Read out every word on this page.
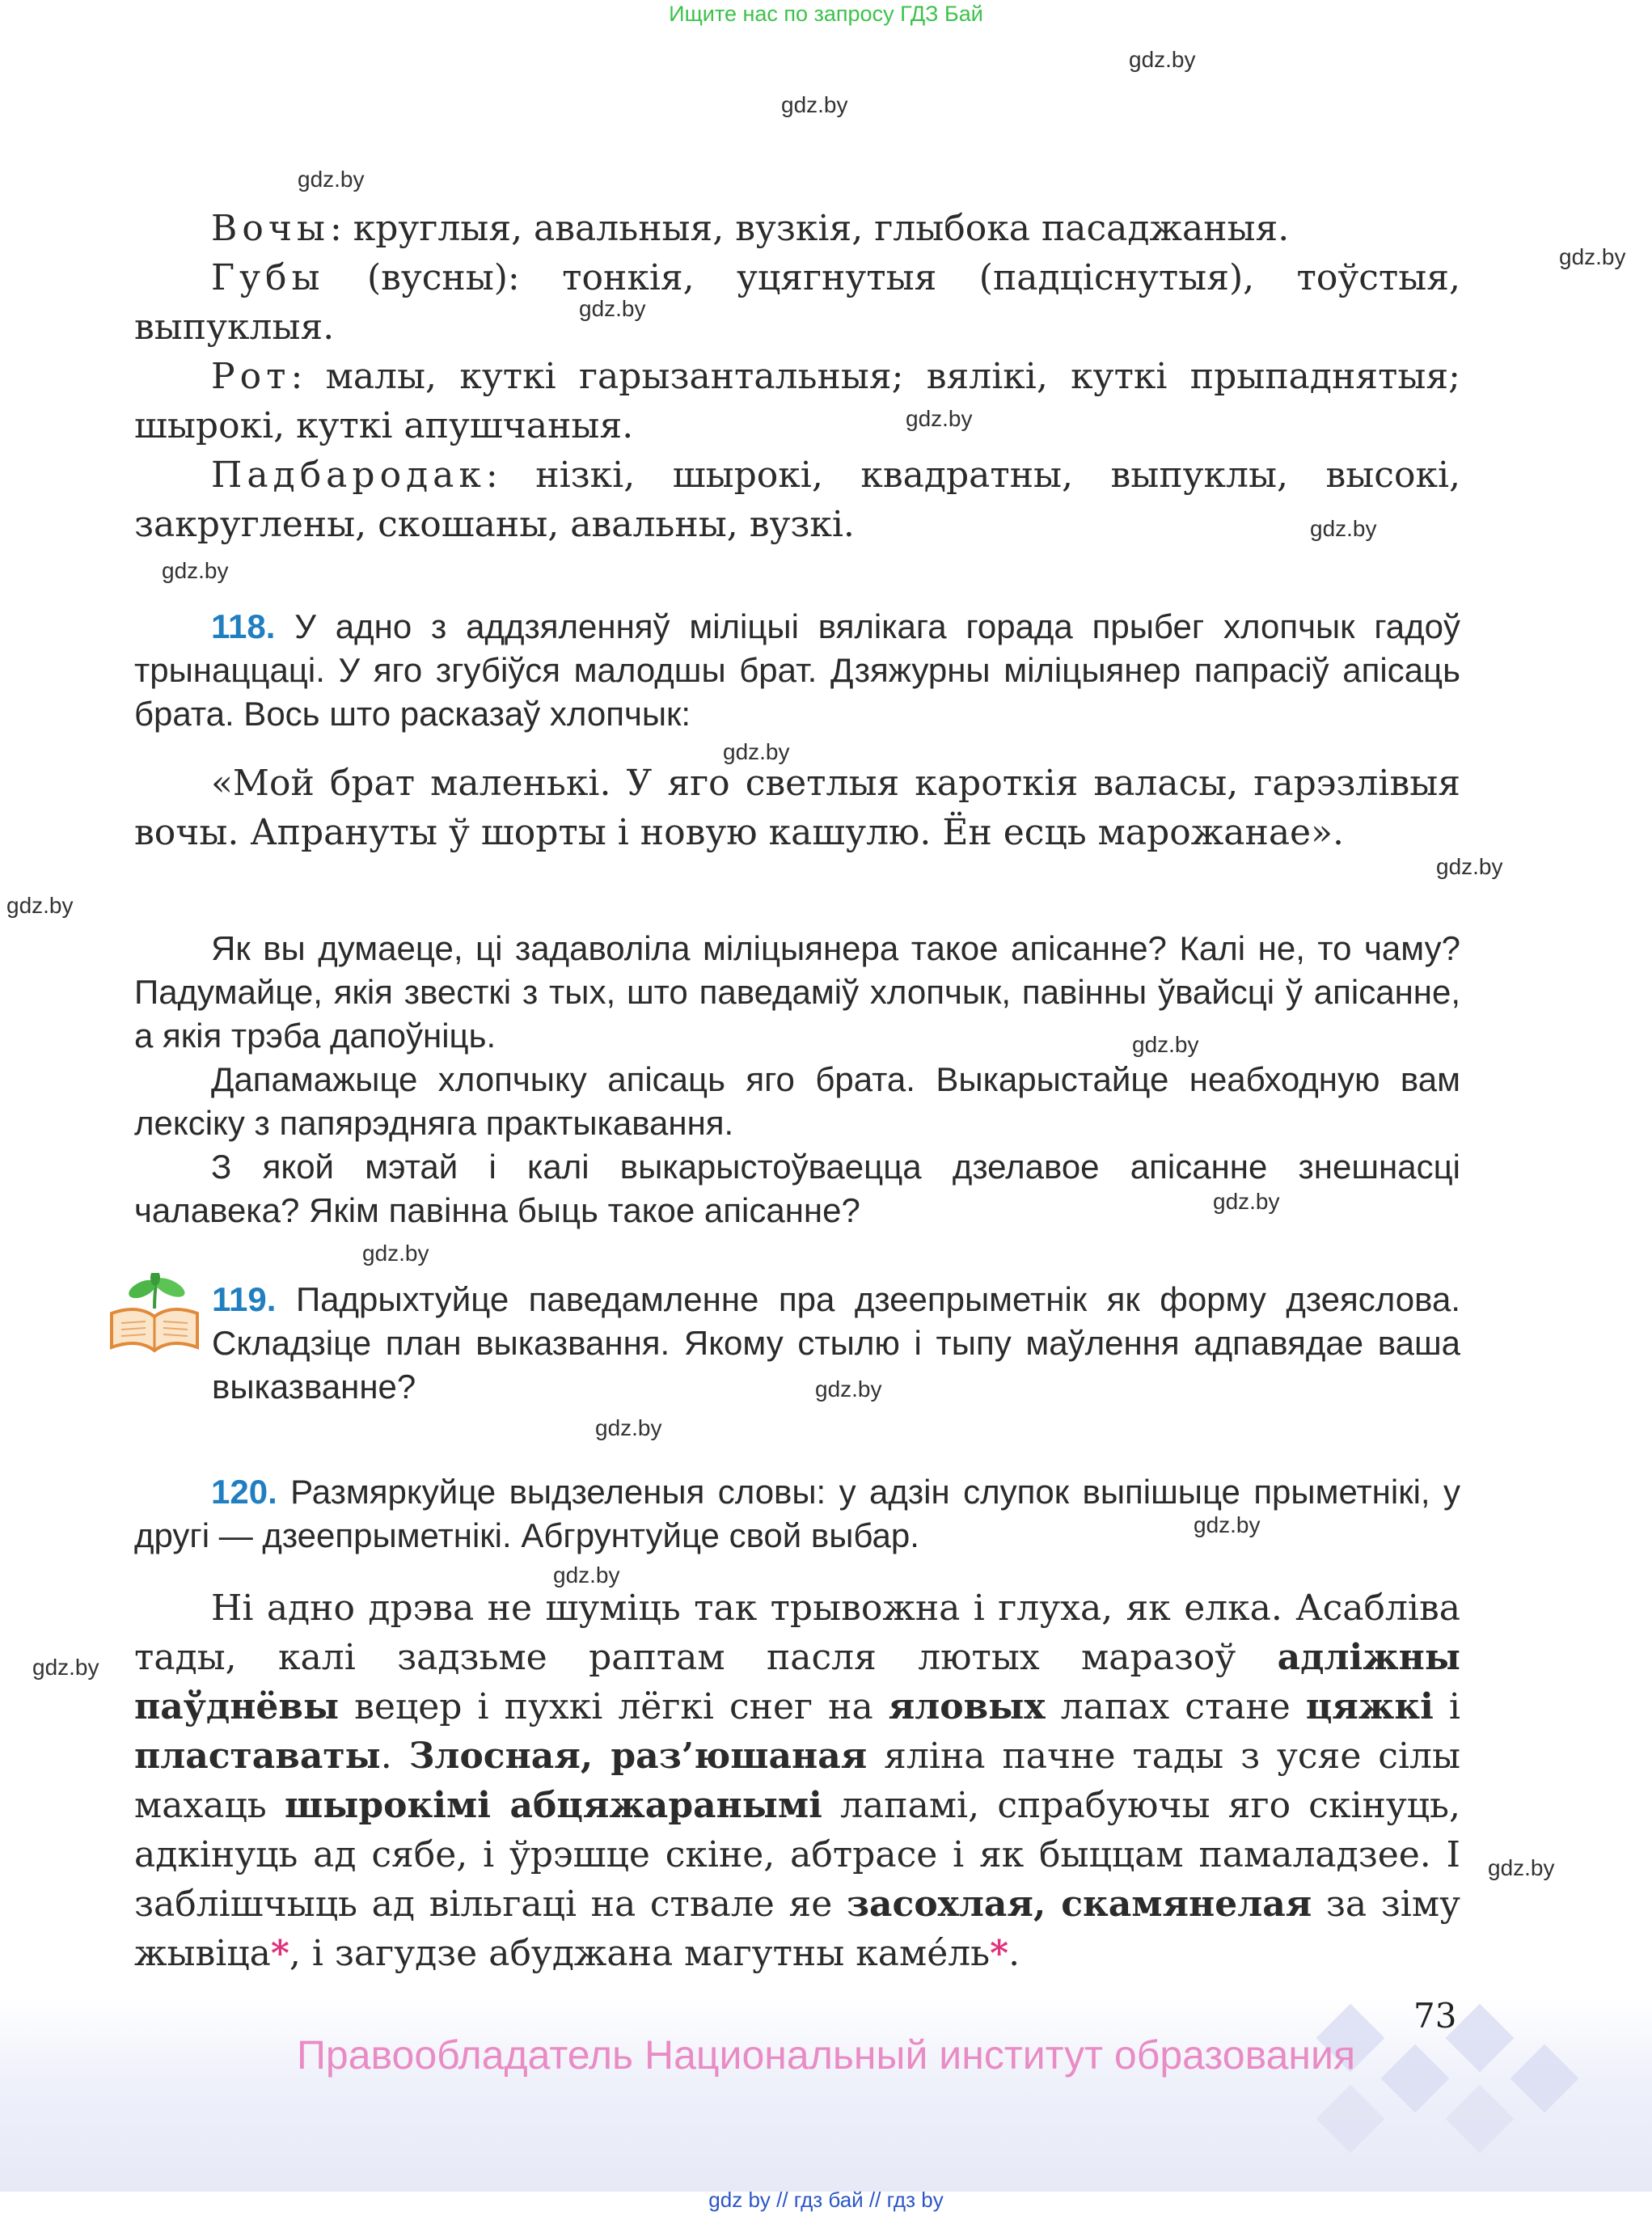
Ищите нас по запросу ГДЗ Бай
gdz.by
gdz.by
gdz.by
gdz.by
gdz.by
gdz.by
gdz.by
gdz.by
gdz.by
gdz.by
gdz.by
gdz.by
gdz.by
gdz.by
gdz.by
gdz.by
gdz.by
gdz.by
gdz.by
gdz.by

Вочы: круглыя, авальныя, вузкія, глыбока пасаджаныя.

Губы (вусны): тонкія, уцягнутыя (падціснутыя), тоўстыя, выпуклыя.

Рот: малы, куткі гарызантальныя; вялікі, куткі прыпаднятыя; шырокі, куткі апушчаныя.

Падбародак: нізкі, шырокі, квадратны, выпуклы, высокі, закруглены, скошаны, авальны, вузкі.

118. У адно з аддзяленняў міліцыі вялікага горада прыбег хлопчык гадоў трынаццаці. У яго згубіўся малодшы брат. Дзяжурны міліцыянер папрасіў апісаць брата. Вось што расказаў хлопчык:

«Мой брат маленькі. У яго светлыя кароткія валасы, гарэзлівыя вочы. Апрануты ў шорты і новую кашулю. Ён есць марожанае».

Як вы думаеце, ці задаволіла міліцыянера такое апісанне? Калі не, то чаму? Падумайце, якія звесткі з тых, што паведаміў хлопчык, павінны ўвайсці ў апісанне, а якія трэба дапоўніць.

Дапамажыце хлопчыку апісаць яго брата. Выкарыстайце неабходную вам лексіку з папярэдняга практыкавання.

З якой мэтай і калі выкарыстоўваецца дзелавое апісанне знешнасці чалавека? Якім павінна быць такое апісанне?

119. Падрыхтуйце паведамленне пра дзеепрыметнік як форму дзеяслова. Складзіце план выказвання. Якому стылю і тыпу маўлення адпавядае ваша выказванне?

120. Размяркуйце выдзеленыя словы: у адзін слупок выпішыце прыметнікі, у другі — дзеепрыметнікі. Абгрунтуйце свой выбар.

Ні адно дрэва не шуміць так трывожна і глуха, як елка. Асабліва тады, калі задзьме раптам пасля лютых маразоў адліжны паўднёвы вецер і пухкі лёгкі снег на яловых лапах стане цяжкі і пластаваты. Злосная, раз’юшаная яліна пачне тады з усяе сілы махаць шырокімі абцяжаранымі лапамі, спрабуючы яго скінуць, адкінуць ад сябе, і ўрэшце скіне, абтрасе і як быццам памаладзее. І заблішчыць ад вільгаці на ствале яе засохлая, скамянелая за зіму жывіца*, і загудзе абуджана магутны каме́ль*.

73
Правообладатель Национальный институт образования
gdz by // гдз бай // гдз by
